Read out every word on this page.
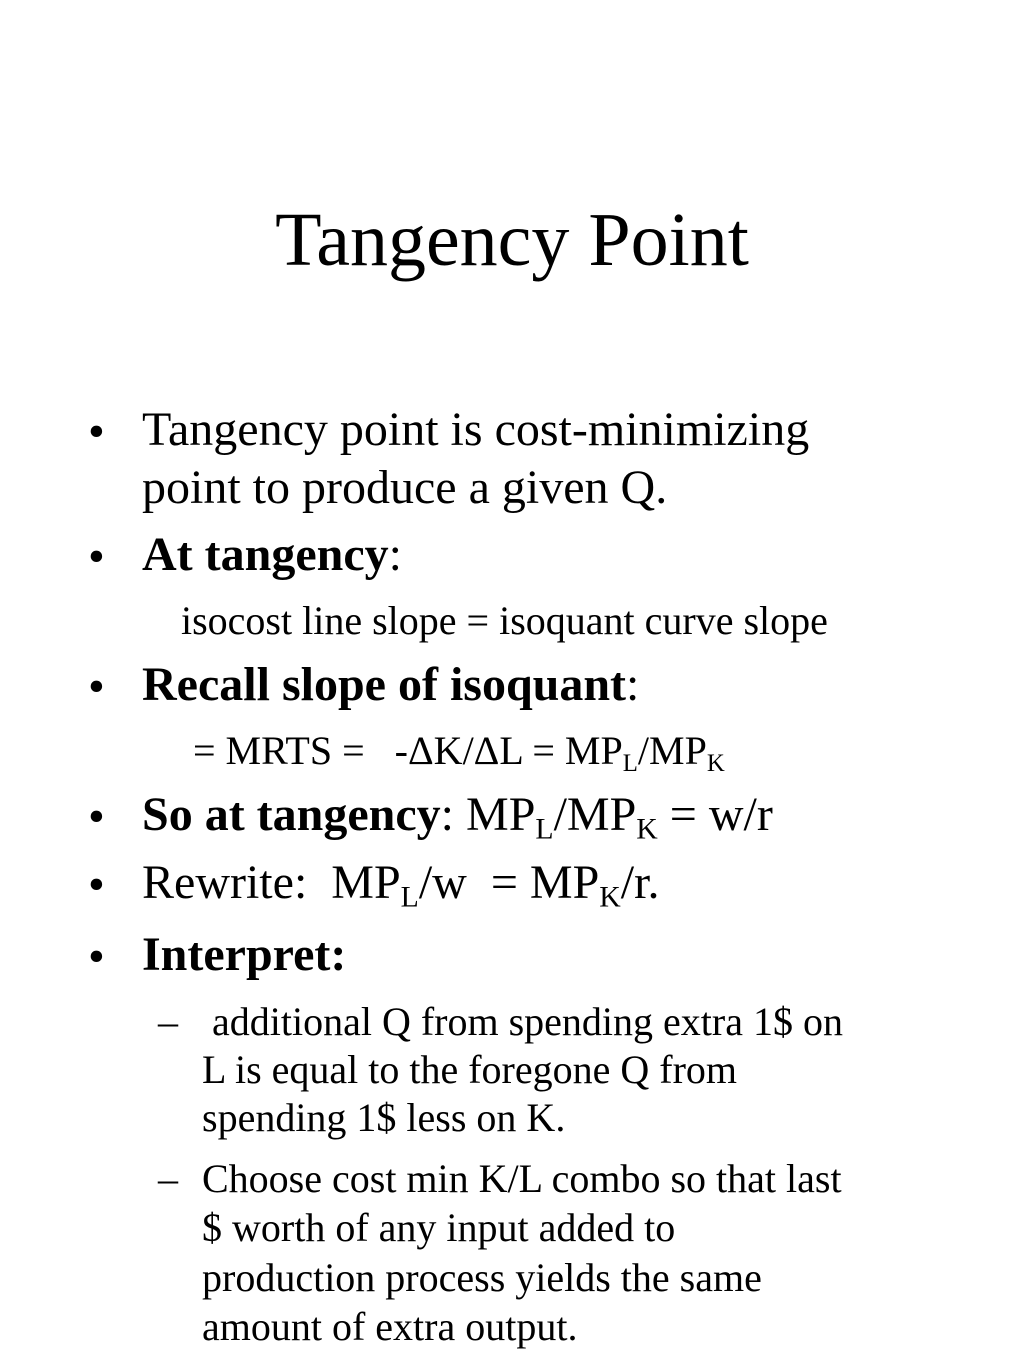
Tangency Point
• Tangency point is cost-minimizing
point to produce a given Q.
• At tangency:
isocost line slope = isoquant curve slope
• Recall slope of isoquant:
= MRTS =   $-\Delta K/\Delta L = MP_L/MP_K$
• So at tangency: $MP_L/MP_K = w/r$
• Rewrite:  $MP_L/w = MP_K/r$.
• Interpret:
– additional Q from spending extra 1$ on
L is equal to the foregone Q from
spending 1$ less on K.
– Choose cost min K/L combo so that last
$ worth of any input added to
production process yields the same
amount of extra output.
